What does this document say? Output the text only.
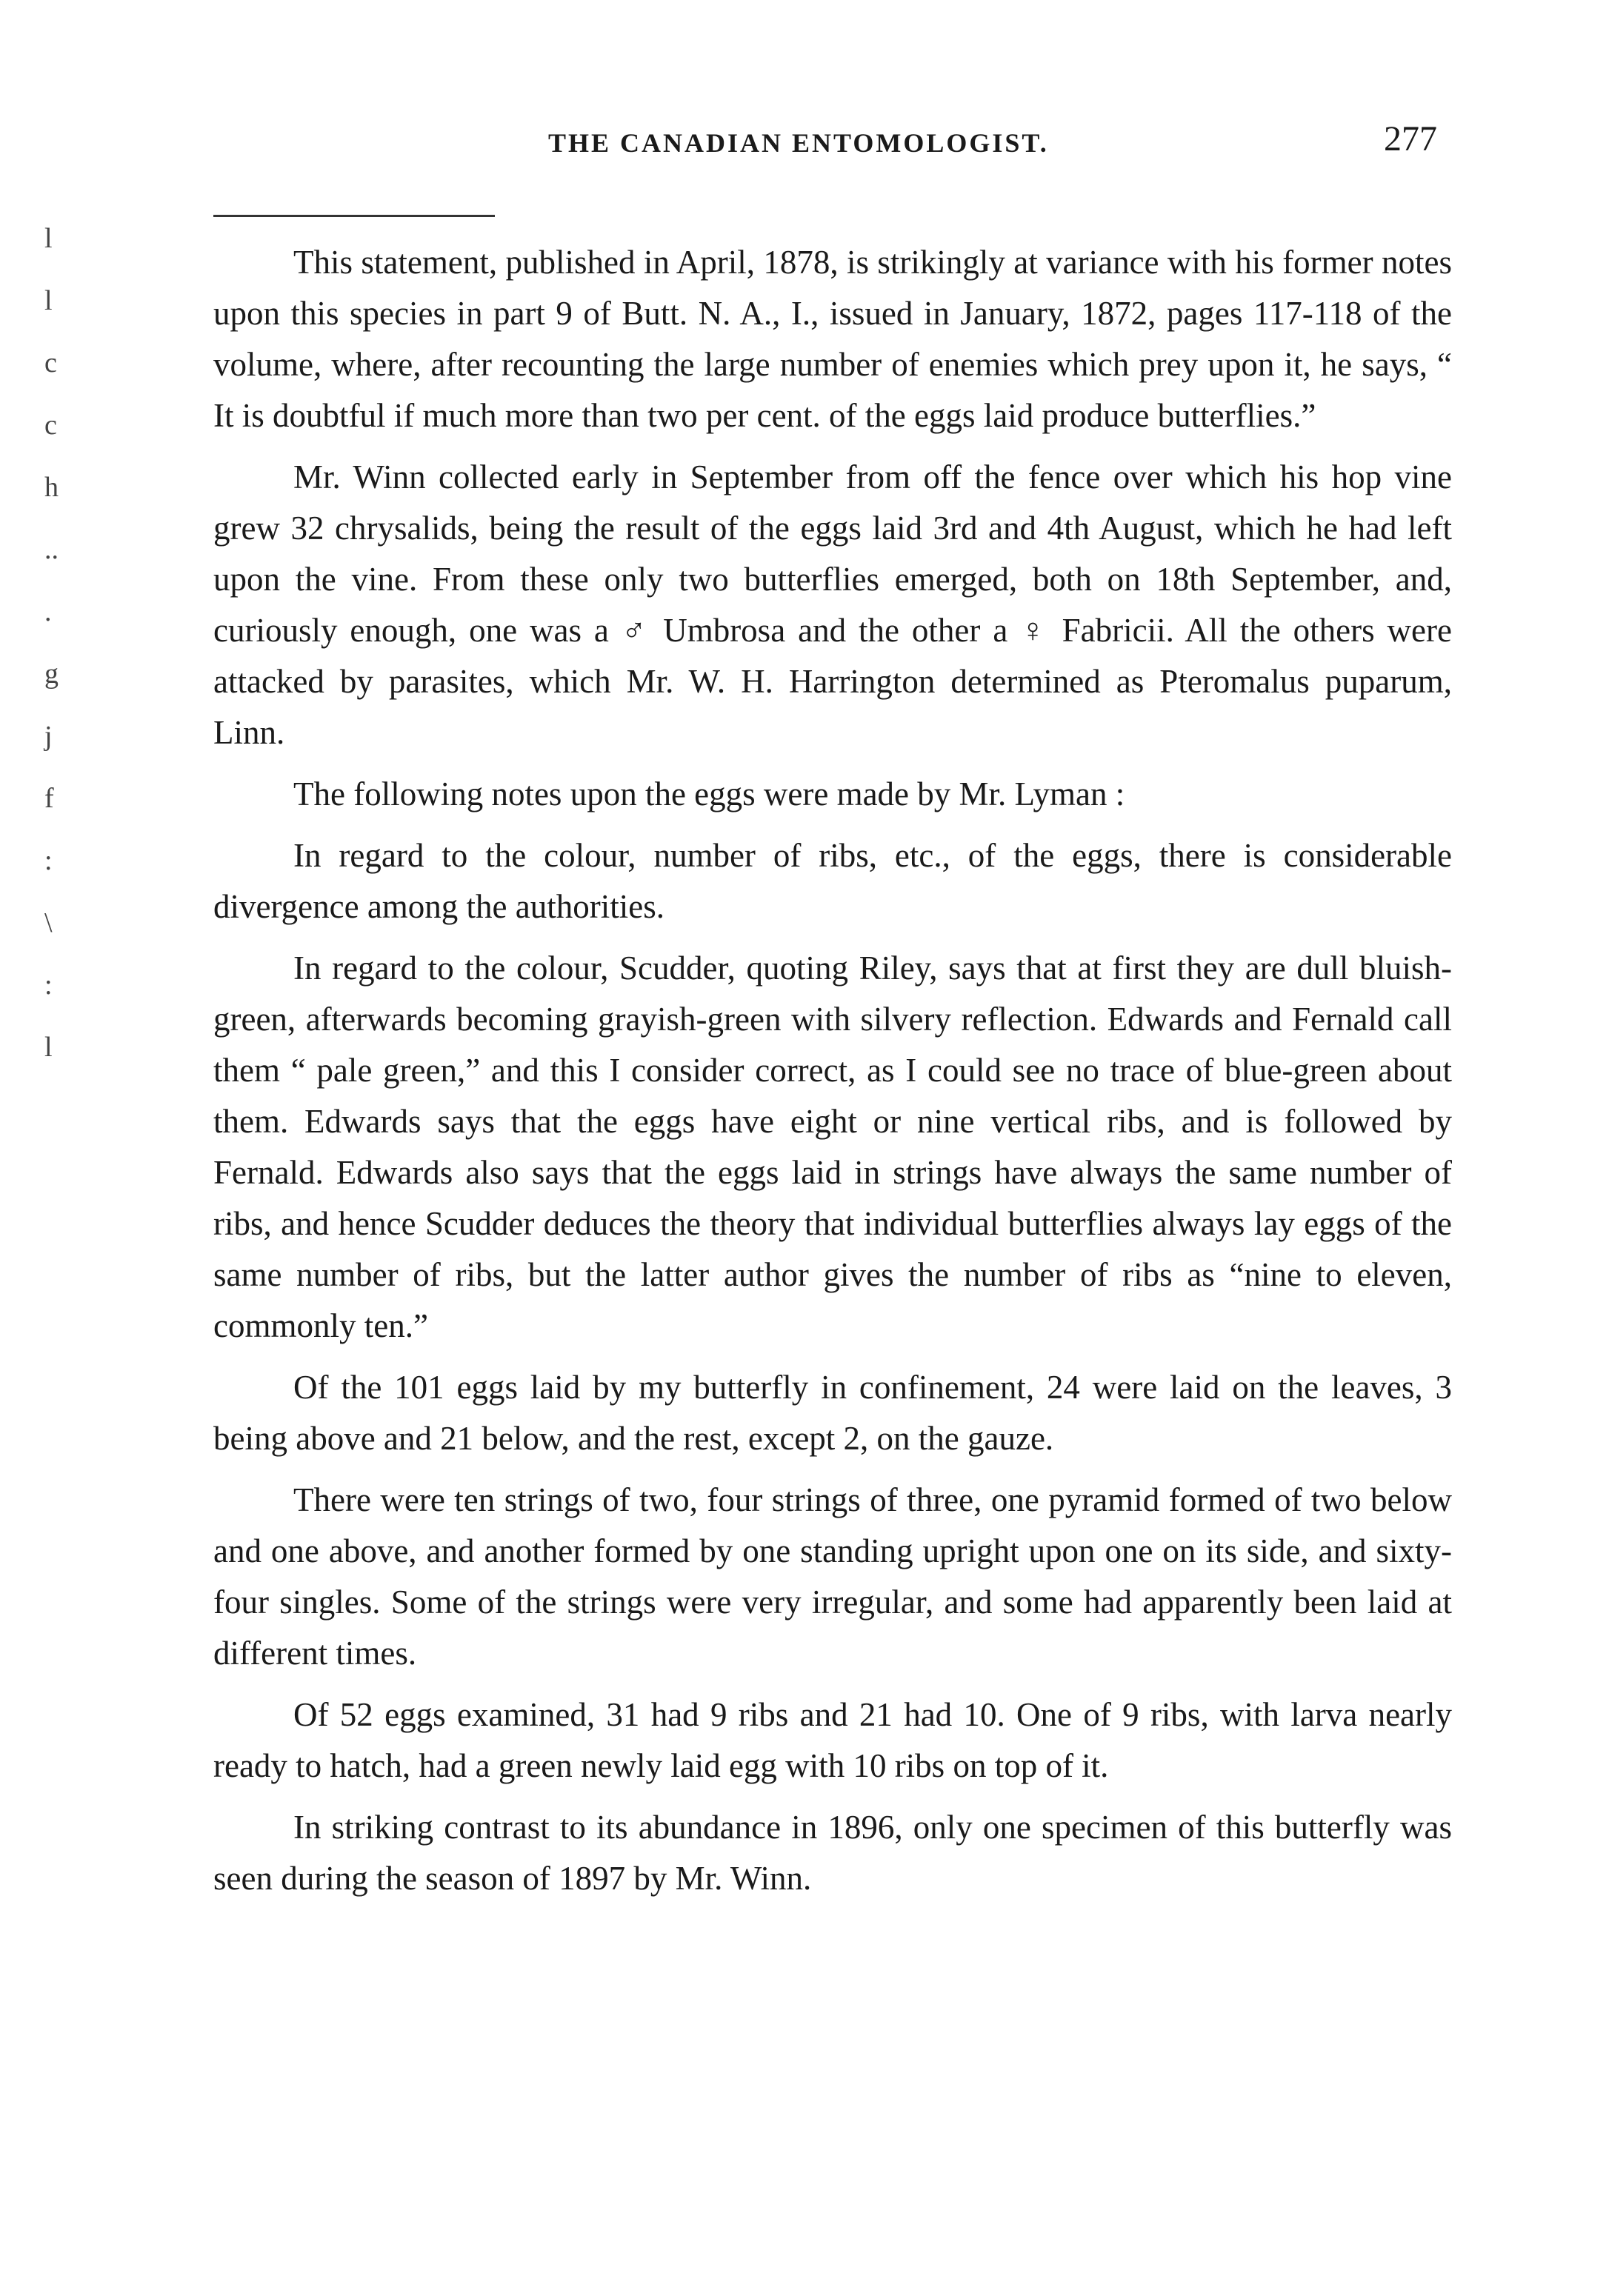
THE CANADIAN ENTOMOLOGIST.	277
l
l
c
c
h
..
.
g
j
f
:
\
:
l

This statement, published in April, 1878, is strikingly at variance with his former notes upon this species in part 9 of Butt. N. A., I., issued in January, 1872, pages 117-118 of the volume, where, after recounting the large number of enemies which prey upon it, he says, “ It is doubtful if much more than two per cent. of the eggs laid produce butterflies.”

Mr. Winn collected early in September from off the fence over which his hop vine grew 32 chrysalids, being the result of the eggs laid 3rd and 4th August, which he had left upon the vine. From these only two butterflies emerged, both on 18th September, and, curiously enough, one was a ♂ Umbrosa and the other a ♀ Fabricii. All the others were attacked by parasites, which Mr. W. H. Harrington determined as Pteromalus puparum, Linn.

The following notes upon the eggs were made by Mr. Lyman :

In regard to the colour, number of ribs, etc., of the eggs, there is considerable divergence among the authorities.

In regard to the colour, Scudder, quoting Riley, says that at first they are dull bluish-green, afterwards becoming grayish-green with silvery reflection. Edwards and Fernald call them “ pale green,” and this I consider correct, as I could see no trace of blue-green about them. Edwards says that the eggs have eight or nine vertical ribs, and is followed by Fernald. Edwards also says that the eggs laid in strings have always the same number of ribs, and hence Scudder deduces the theory that individual butterflies always lay eggs of the same number of ribs, but the latter author gives the number of ribs as “nine to eleven, commonly ten.”

Of the 101 eggs laid by my butterfly in confinement, 24 were laid on the leaves, 3 being above and 21 below, and the rest, except 2, on the gauze.

There were ten strings of two, four strings of three, one pyramid formed of two below and one above, and another formed by one standing upright upon one on its side, and sixty-four singles. Some of the strings were very irregular, and some had apparently been laid at different times.

Of 52 eggs examined, 31 had 9 ribs and 21 had 10. One of 9 ribs, with larva nearly ready to hatch, had a green newly laid egg with 10 ribs on top of it.

In striking contrast to its abundance in 1896, only one specimen of this butterfly was seen during the season of 1897 by Mr. Winn.
